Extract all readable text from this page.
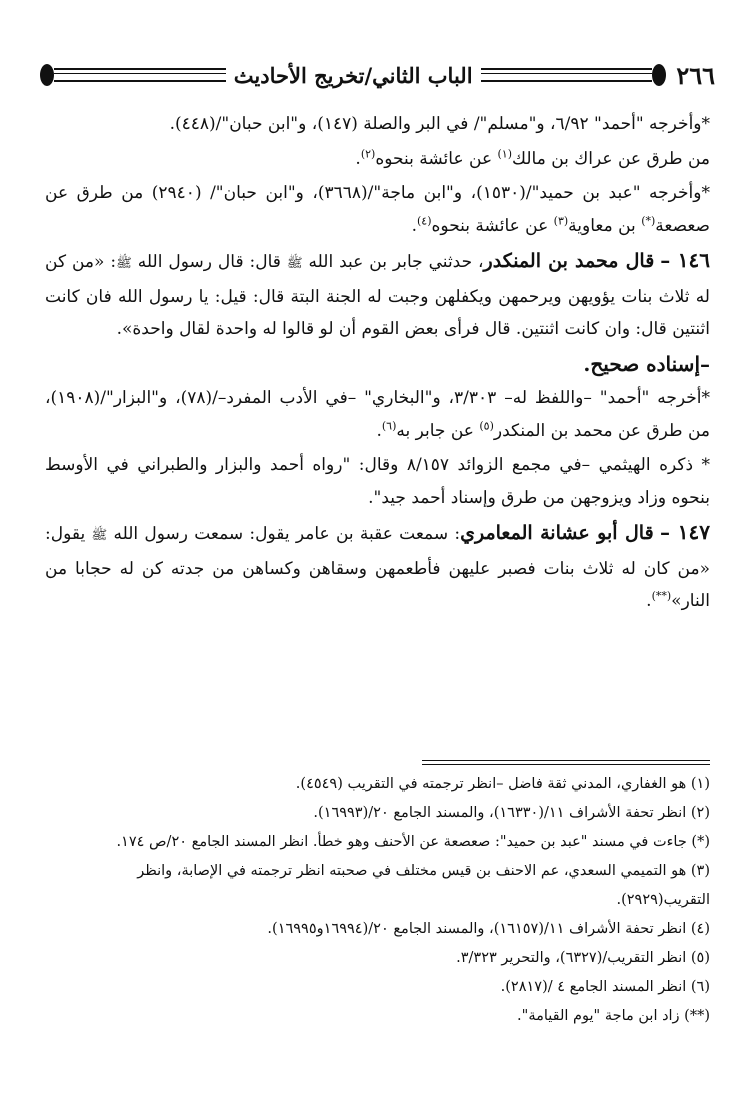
٢٦٦
الباب الثاني/تخريج الأحاديث

*وأخرجه "أحمد" ٦/٩٢، و"مسلم"/ في البر والصلة (١٤٧)، و"ابن حبان"/(٤٤٨).

من طرق عن عراك بن مالك$^{(١)}$ عن عائشة بنحوه$^{(٢)}$.

*وأخرجه "عبد بن حميد"/(١٥٣٠)، و"ابن ماجة"/(٣٦٦٨)، و"ابن حبان"/ (٢٩٤٠) من طرق عن صعصعة(*) بن معاوية$^{(٣)}$ عن عائشة بنحوه$^{(٤)}$.

١٤٦ – قال محمد بن المنكدر، حدثني جابر بن عبد الله ﷺ قال: قال رسول الله ﷺ: «من كن له ثلاث بنات يؤويهن ويرحمهن ويكفلهن وجبت له الجنة البتة قال: قيل: يا رسول الله فان كانت اثنتين قال: وان كانت اثنتين. قال فرأى بعض القوم أن لو قالوا له واحدة لقال واحدة».

–إسناده صحيح.

*أخرجه "أحمد" –واللفظ له– ٣/٣٠٣، و"البخاري" –في الأدب المفرد–/(٧٨)، و"البزار"/(١٩٠٨)، من طرق عن محمد بن المنكدر$^{(٥)}$ عن جابر به$^{(٦)}$.

* ذكره الهيثمي –في مجمع الزوائد ٨/١٥٧ وقال: "رواه أحمد والبزار والطبراني في الأوسط بنحوه وزاد ويزوجهن من طرق وإسناد أحمد جيد".

١٤٧ – قال أبو عشانة المعامري: سمعت عقبة بن عامر يقول: سمعت رسول الله ﷺ يقول: «من كان له ثلاث بنات فصبر عليهن فأطعمهن وسقاهن وكساهن من جدته كن له حجابا من النار»(**).

(١) هو الغفاري، المدني ثقة فاضل –انظر ترجمته في التقريب (٤٥٤٩).
(٢) انظر تحفة الأشراف ١١/(١٦٣٣٠)، والمسند الجامع ٢٠/(١٦٩٩٣).
(*) جاءت في مسند "عبد بن حميد": صعصعة عن الأحنف وهو خطأ. انظر المسند الجامع ٢٠/ص ١٧٤.
(٣) هو التميمي السعدي، عم الاحنف بن قيس مختلف في صحبته انظر ترجمته في الإصابة، وانظر التقريب(٢٩٢٩).
(٤) انظر تحفة الأشراف ١١/(١٦١٥٧)، والمسند الجامع ٢٠/(١٦٩٩٤و١٦٩٩٥).
(٥) انظر التقريب/(٦٣٢٧)، والتحرير ٣/٣٢٣.
(٦) انظر المسند الجامع ٤ /(٢٨١٧).
(**) زاد ابن ماجة "يوم القيامة".
